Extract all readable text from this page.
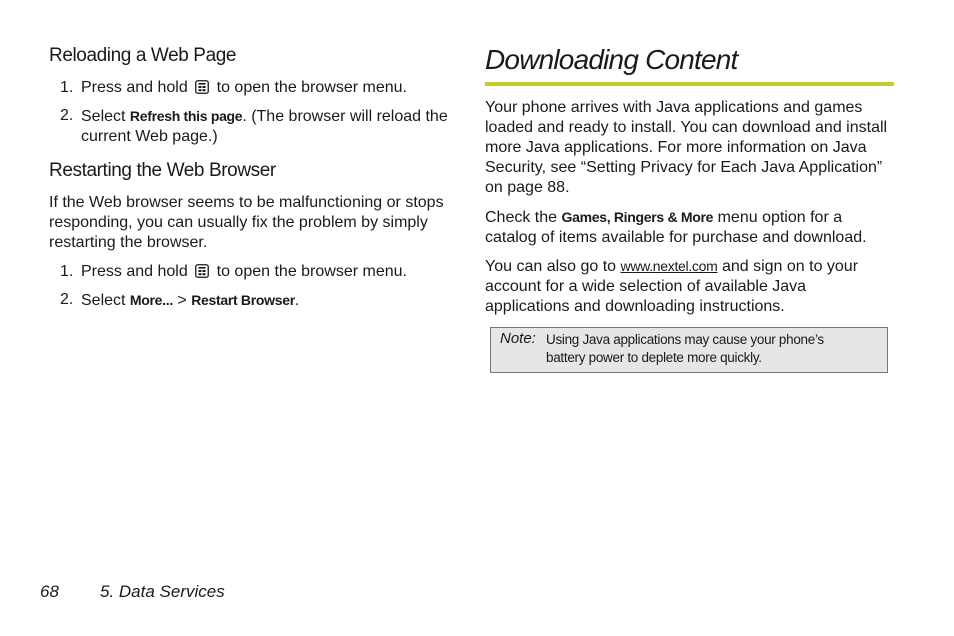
Reloading a Web Page
1. Press and hold to open the browser menu.
2. Select Refresh this page. (The browser will reload the current Web page.)
Restarting the Web Browser

If the Web browser seems to be malfunctioning or stops responding, you can usually fix the problem by simply restarting the browser.

1. Press and hold to open the browser menu.
2. Select More... > Restart Browser.
Downloading Content

Your phone arrives with Java applications and games loaded and ready to install. You can download and install more Java applications. For more information on Java Security, see “Setting Privacy for Each Java Application” on page 88.

Check the Games, Ringers & More menu option for a catalog of items available for purchase and download.

You can also go to www.nextel.com and sign on to your account for a wide selection of available Java applications and downloading instructions.

Note: Using Java applications may cause your phone’s battery power to deplete more quickly.
68 5. Data Services
